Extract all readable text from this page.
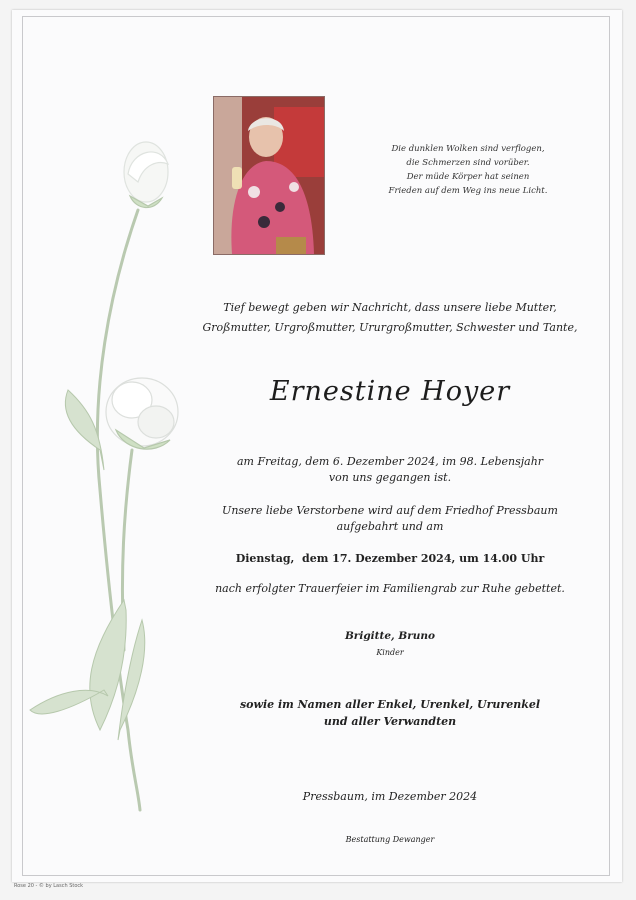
Die dunklen Wolken sind verflogen,
die Schmerzen sind vorüber.
Der müde Körper hat seinen
Frieden auf dem Weg ins neue Licht.
Tief bewegt geben wir Nachricht, dass unsere liebe Mutter,
Großmutter, Urgroßmutter, Ururgroßmutter, Schwester und Tante,
Ernestine Hoyer
am Freitag, dem 6. Dezember 2024, im 98. Lebensjahr
von uns gegangen ist.
Unsere liebe Verstorbene wird auf dem Friedhof Pressbaum
aufgebahrt und am
Dienstag,  dem 17. Dezember 2024, um 14.00 Uhr
nach erfolgter Trauerfeier im Familiengrab zur Ruhe gebettet.
Brigitte, Bruno
Kinder
sowie im Namen aller Enkel, Urenkel, Ururenkel
und aller Verwandten
Pressbaum, im Dezember 2024
Bestattung Dewanger
Rose 20 - © by Lasch Stock
